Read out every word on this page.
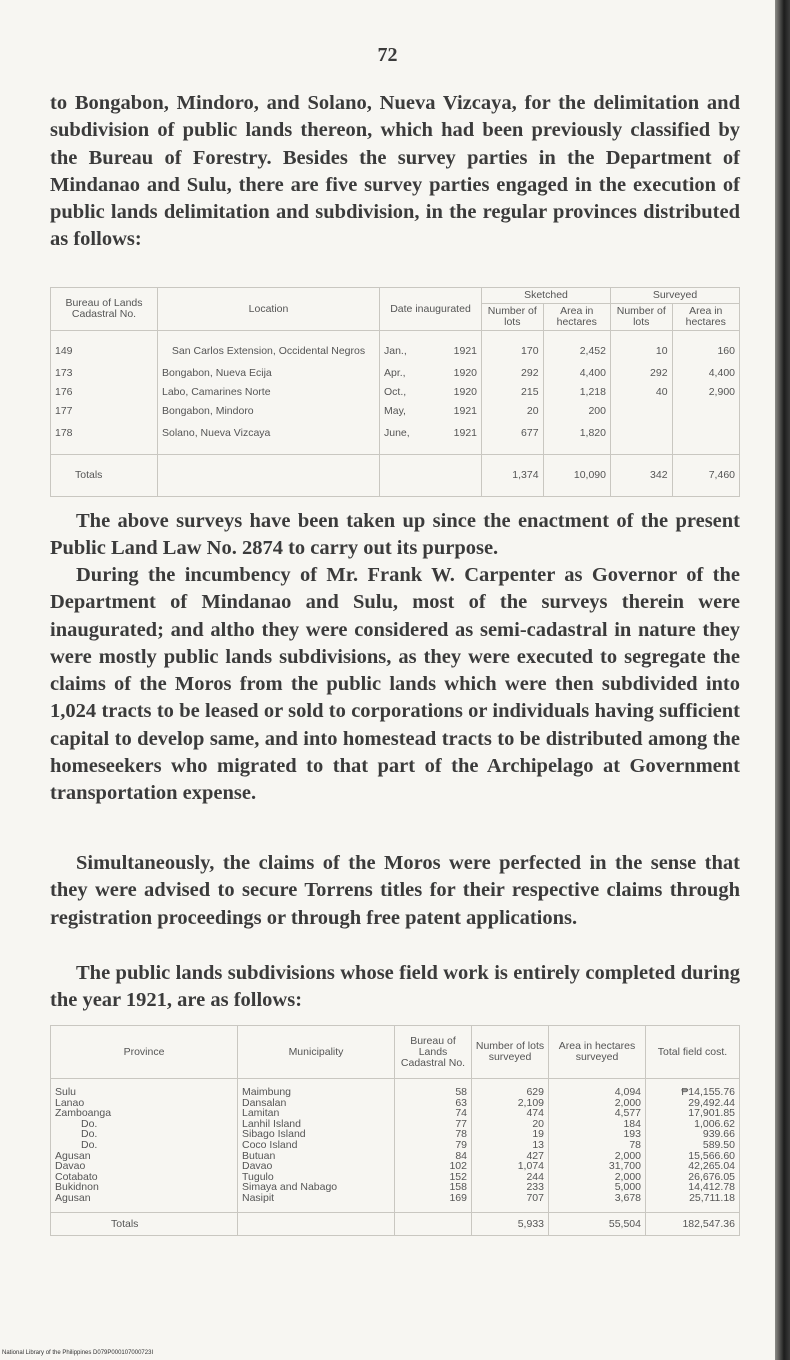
72

to Bongabon, Mindoro, and Solano, Nueva Vizcaya, for the delimitation and subdivision of public lands thereon, which had been previously classified by the Bureau of Forestry. Besides the survey parties in the Department of Mindanao and Sulu, there are five survey parties engaged in the execution of public lands delimitation and subdivision, in the regular provinces distributed as follows:

Bureau of Lands Cadastral No.	Location	Date inaugurated	Sketched		Surveyed	
			Number of lots	Area in hectares	Number of lots	Area in hectares
149	San Carlos Extension, Occidental Negros	Jan., 1921	170	2,452	10	160
173	Bongabon, Nueva Ecija	Apr., 1920	292	4,400	292	4,400
176	Labo, Camarines Norte	Oct., 1920	215	1,218	40	2,900
177	Bongabon, Mindoro	May, 1921	20	200		
178	Solano, Nueva Vizcaya	June, 1921	677	1,820		
Totals			1,374	10,090	342	7,460

The above surveys have been taken up since the enactment of the present Public Land Law No. 2874 to carry out its purpose.

During the incumbency of Mr. Frank W. Carpenter as Governor of the Department of Mindanao and Sulu, most of the surveys therein were inaugurated; and altho they were considered as semi-cadastral in nature they were mostly public lands subdivisions, as they were executed to segregate the claims of the Moros from the public lands which were then subdivided into 1,024 tracts to be leased or sold to corporations or individuals having sufficient capital to develop same, and into homestead tracts to be distributed among the homeseekers who migrated to that part of the Archipelago at Government transportation expense.

Simultaneously, the claims of the Moros were perfected in the sense that they were advised to secure Torrens titles for their respective claims through registration proceedings or through free patent applications.

The public lands subdivisions whose field work is entirely completed during the year 1921, are as follows:

Province	Municipality	Bureau of Lands Cadastral No.	Number of lots surveyed	Area in hectares surveyed	Total field cost.
Sulu	Maimbung	58	629	4,094	₱14,155.76
Lanao	Dansalan	63	2,109	2,000	29,492.44
Zamboanga	Lamitan	74	474	4,577	17,901.85
Do.	Lanhil Island	77	20	184	1,006.62
Do.	Sibago Island	78	19	193	939.66
Do.	Coco Island	79	13	78	589.50
Agusan	Butuan	84	427	2,000	15,566.60
Davao	Davao	102	1,074	31,700	42,265.04
Cotabato	Tugulo	152	244	2,000	26,676.05
Bukidnon	Simaya and Nabago	158	233	5,000	14,412.78
Agusan	Nasipit	169	707	3,678	25,711.18
Totals			5,933	55,504	182,547.36
National Library of the Philippines D079P000107000723I
